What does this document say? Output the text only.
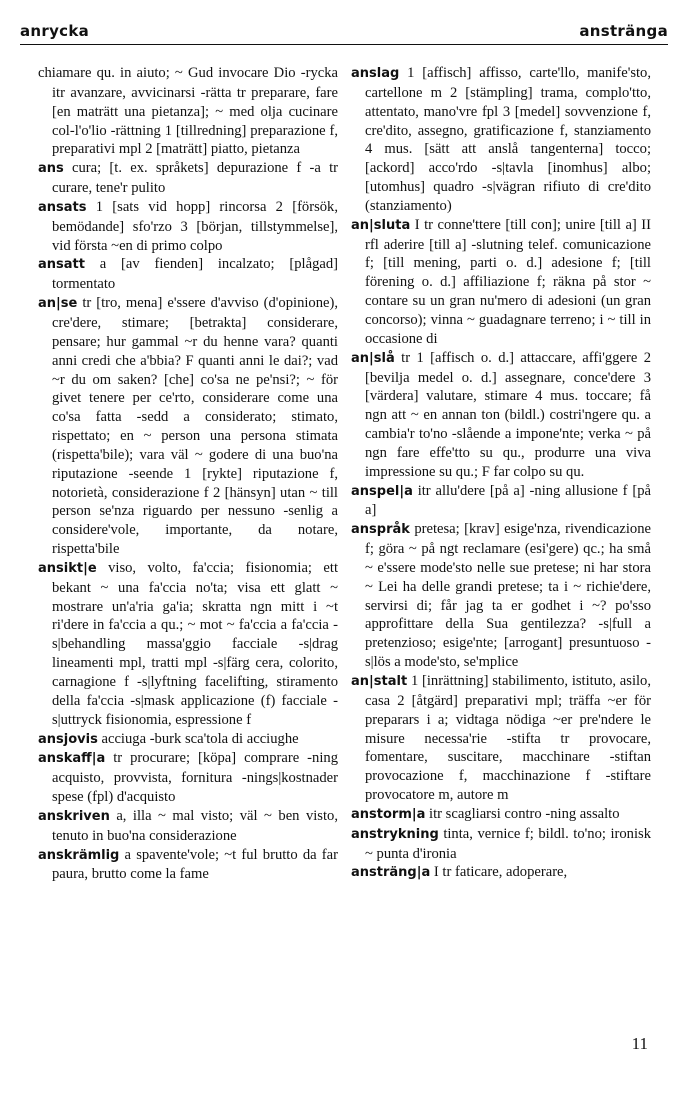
anrycka	anstränga

chiamare qu. in aiuto; ~ Gud invocare Dio -rycka itr avanzare, avvicinarsi -rätta tr preparare, fare [en maträtt una pietanza]; ~ med olja cucinare col-l'o'lio -rättning 1 [tillredning] preparazione f, preparativi mpl 2 [maträtt] piatto, pietanza

ans cura; [t. ex. språkets] depurazione f -a tr curare, tene'r pulito

ansats 1 [sats vid hopp] rincorsa 2 [försök, bemödande] sfo'rzo 3 [början, tillstymmelse], vid första ~en di primo colpo

ansatt a [av fienden] incalzato; [plågad] tormentato

an|se tr [tro, mena] e'ssere d'avviso (d'opinione), cre'dere, stimare; [betrakta] considerare, pensare; hur gammal ~r du henne vara? quanti anni credi che a'bbia? F quanti anni le dai?; vad ~r du om saken? [che] co'sa ne pe'nsi?; ~ för givet tenere per ce'rto, considerare come una co'sa fatta -sedd a considerato; stimato, rispettato; en ~ person una persona stimata (rispetta'bile); vara väl ~ godere di una buo'na riputazione -seende 1 [rykte] riputazione f, notorietà, considerazione f 2 [hänsyn] utan ~ till person se'nza riguardo per nessuno -senlig a considere'vole, importante, da notare, rispetta'bile

ansikt|e viso, volto, fa'ccia; fisionomia; ett bekant ~ una fa'ccia no'ta; visa ett glatt ~ mostrare un'a'ria ga'ia; skratta ngn mitt i ~t ri'dere in fa'ccia a qu.; ~ mot ~ fa'ccia a fa'ccia -s|behandling massa'ggio facciale -s|drag lineamenti mpl, tratti mpl -s|färg cera, colorito, carnagione f -s|lyftning facelifting, stiramento della fa'ccia -s|mask applicazione (f) facciale -s|uttryck fisionomia, espressione f

ansjovis acciuga -burk sca'tola di acciughe

anskaff|a tr procurare; [köpa] comprare -ning acquisto, provvista, fornitura -nings|kostnader spese (fpl) d'acquisto

anskriven a, illa ~ mal visto; väl ~ ben visto, tenuto in buo'na considerazione

anskrämlig a spavente'vole; ~t ful brutto da far paura, brutto come la fame

anslag 1 [affisch] affisso, carte'llo, manife'sto, cartellone m 2 [stämpling] trama, complo'tto, attentato, mano'vre fpl 3 [medel] sovvenzione f, cre'dito, assegno, gratificazione f, stanziamento 4 mus. [sätt att anslå tangenterna] tocco; [ackord] acco'rdo -s|tavla [inomhus] albo; [utomhus] quadro -s|vägran rifiuto di cre'dito (stanziamento)

an|sluta I tr conne'ttere [till con]; unire [till a] II rfl aderire [till a] -slutning telef. comunicazione f; [till mening, parti o. d.] adesione f; [till förening o. d.] affiliazione f; räkna på stor ~ contare su un gran nu'mero di adesioni (un gran concorso); vinna ~ guadagnare terreno; i ~ till in occasione di

an|slå tr 1 [affisch o. d.] attaccare, affi'ggere 2 [bevilja medel o. d.] assegnare, conce'dere 3 [värdera] valutare, stimare 4 mus. toccare; få ngn att ~ en annan ton (bildl.) costri'ngere qu. a cambia'r to'no -slående a impone'nte; verka ~ på ngn fare effe'tto su qu., produrre una viva impressione su qu.; F far colpo su qu.

anspel|a itr allu'dere [på a] -ning allusione f [på a]

anspråk pretesa; [krav] esige'nza, rivendicazione f; göra ~ på ngt reclamare (esi'gere) qc.; ha små ~ e'ssere mode'sto nelle sue pretese; ni har stora ~ Lei ha delle grandi pretese; ta i ~ richie'dere, servirsi di; får jag ta er godhet i ~? po'sso approfittare della Sua gentilezza? -s|full a pretenzioso; esige'nte; [arrogant] presuntuoso -s|lös a mode'sto, se'mplice

an|stalt 1 [inrättning] stabilimento, istituto, asilo, casa 2 [åtgärd] preparativi mpl; träffa ~er för preparars i a; vidtaga nödiga ~er pre'ndere le misure necessa'rie -stifta tr provocare, fomentare, suscitare, macchinare -stiftan provocazione f, macchinazione f -stiftare provocatore m, autore m

anstorm|a itr scagliarsi contro -ning assalto

anstrykning tinta, vernice f; bildl. to'no; ironisk ~ punta d'ironia

ansträng|a I tr faticare, adoperare,

11
